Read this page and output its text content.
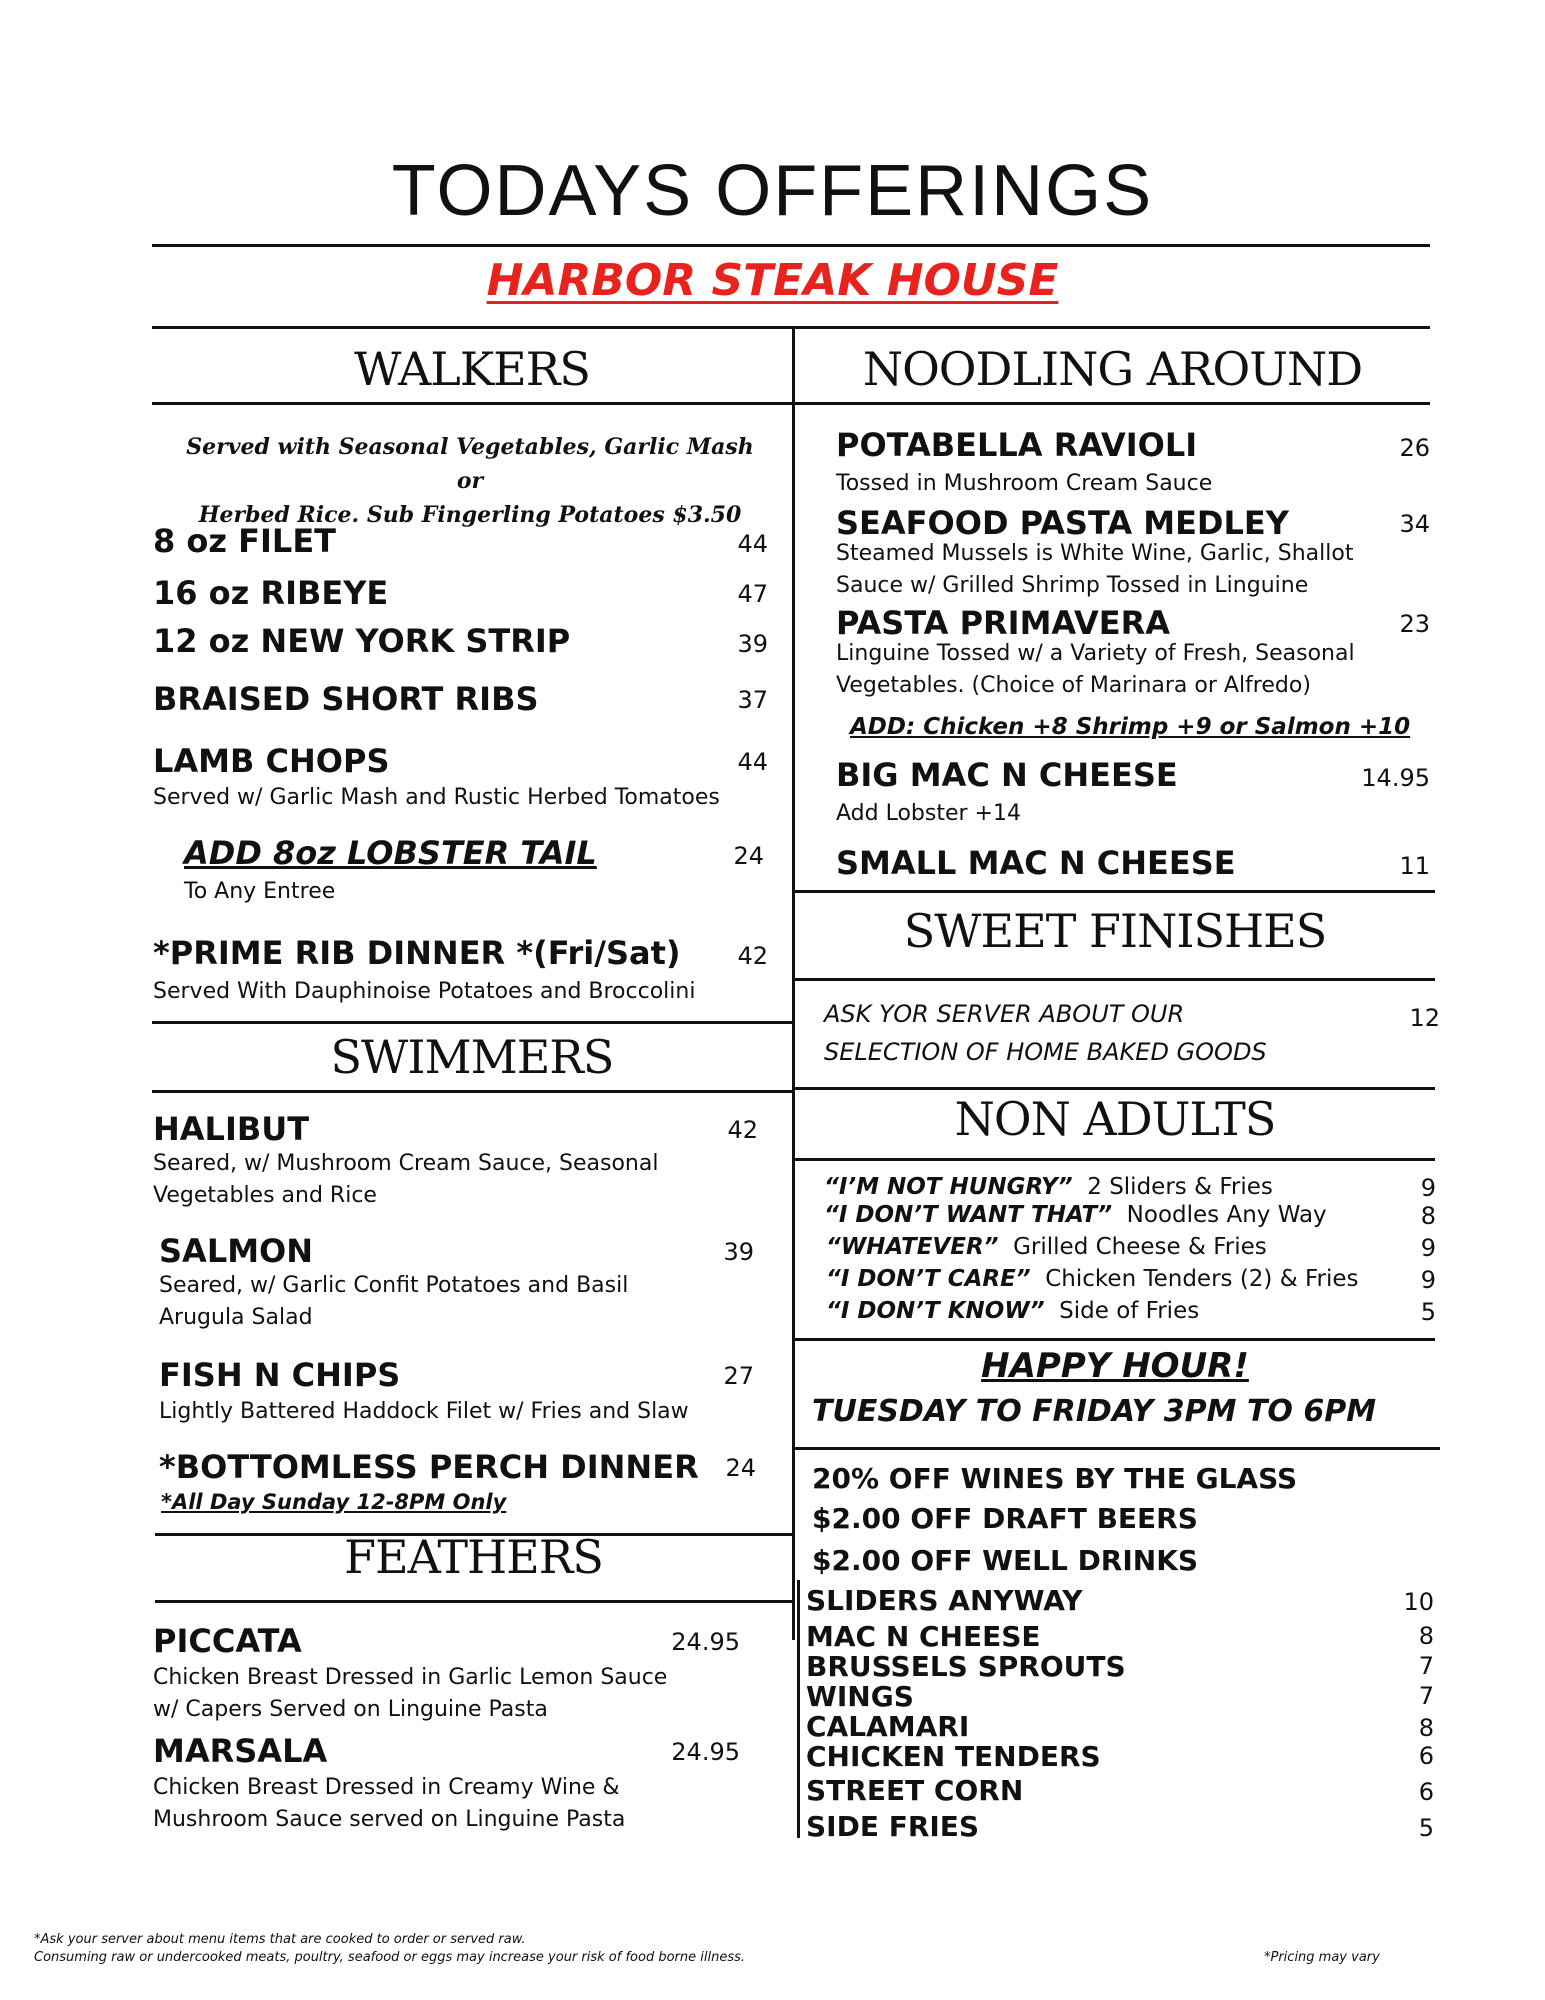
TODAYS OFFERINGS
HARBOR STEAK HOUSE
WALKERS
Served with Seasonal Vegetables, Garlic Mash or
Herbed Rice. Sub Fingerling Potatoes $3.50
8 oz FILET	44
16 oz RIBEYE	47
12 oz NEW YORK STRIP	39
BRAISED SHORT RIBS	37
LAMB CHOPS	44
Served w/ Garlic Mash and Rustic Herbed Tomatoes
ADD 8oz LOBSTER TAIL	24
To Any Entree
*PRIME RIB DINNER *(Fri/Sat)	42
Served With Dauphinoise Potatoes and Broccolini
SWIMMERS
HALIBUT	42
Seared, w/ Mushroom Cream Sauce, Seasonal
Vegetables and Rice
SALMON	39
Seared, w/ Garlic Confit Potatoes and Basil
Arugula Salad
FISH N CHIPS	27
Lightly Battered Haddock Filet w/ Fries and Slaw
*BOTTOMLESS PERCH DINNER	24
*All Day Sunday 12-8PM Only
FEATHERS
PICCATA	24.95
Chicken Breast Dressed in Garlic Lemon Sauce
w/ Capers Served on Linguine Pasta
MARSALA	24.95
Chicken Breast Dressed in Creamy Wine &
Mushroom Sauce served on Linguine Pasta
NOODLING AROUND
POTABELLA RAVIOLI	26
Tossed in Mushroom Cream Sauce
SEAFOOD PASTA MEDLEY	34
Steamed Mussels is White Wine, Garlic, Shallot
Sauce w/ Grilled Shrimp Tossed in Linguine
PASTA PRIMAVERA	23
Linguine Tossed w/ a Variety of Fresh, Seasonal
Vegetables. (Choice of Marinara or Alfredo)
ADD: Chicken +8 Shrimp +9 or Salmon +10
BIG MAC N CHEESE	14.95
Add Lobster +14
SMALL MAC N CHEESE	11
SWEET FINISHES
ASK YOR SERVER ABOUT OUR
SELECTION OF HOME BAKED GOODS
12
NON ADULTS
“I’M NOT HUNGRY” 2 Sliders & Fries	9
“I DON’T WANT THAT” Noodles Any Way	8
“WHATEVER” Grilled Cheese & Fries	9
“I DON’T CARE” Chicken Tenders (2) & Fries	9
“I DON’T KNOW” Side of Fries	5
HAPPY HOUR!
TUESDAY TO FRIDAY 3PM TO 6PM
20% OFF WINES BY THE GLASS
$2.00 OFF DRAFT BEERS
$2.00 OFF WELL DRINKS
SLIDERS ANYWAY	10
MAC N CHEESE	8
BRUSSELS SPROUTS	7
WINGS	7
CALAMARI	8
CHICKEN TENDERS	6
STREET CORN	6
SIDE FRIES	5
*Ask your server about menu items that are cooked to order or served raw.
Consuming raw or undercooked meats, poultry, seafood or eggs may increase your risk of food borne illness.	*Pricing may vary
